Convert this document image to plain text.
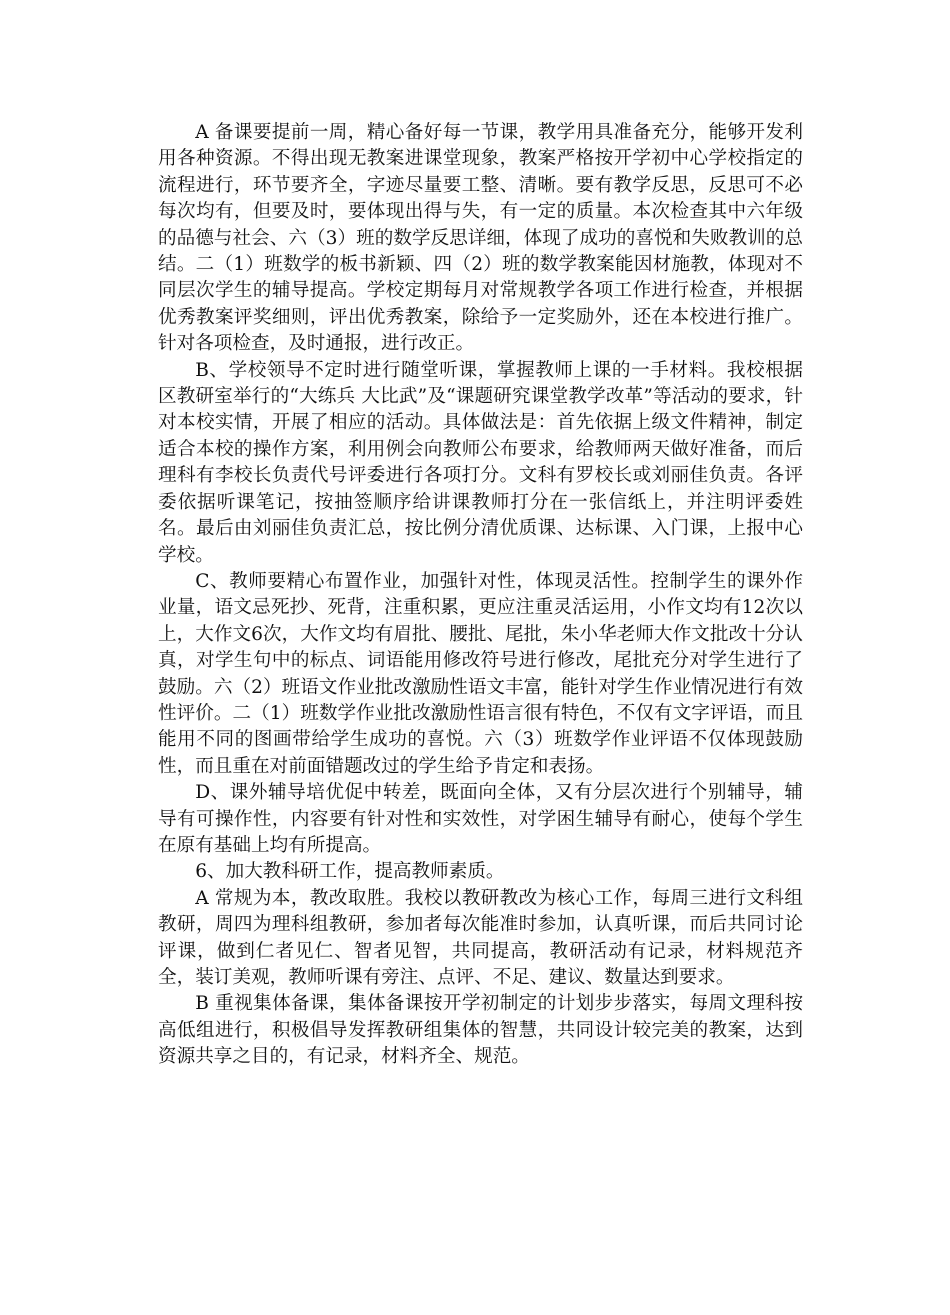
A 备课要提前一周，精心备好每一节课，教学用具准备充分，能够开发利用各种资源。不得出现无教案进课堂现象，教案严格按开学初中心学校指定的流程进行，环节要齐全，字迹尽量要工整、清晰。要有教学反思，反思可不必每次均有，但要及时，要体现出得与失，有一定的质量。本次检查其中六年级的品德与社会、六（3）班的数学反思详细，体现了成功的喜悦和失败教训的总结。二（1）班数学的板书新颖、四（2）班的数学教案能因材施教，体现对不同层次学生的辅导提高。学校定期每月对常规教学各项工作进行检查，并根据优秀教案评奖细则，评出优秀教案，除给予一定奖励外，还在本校进行推广。针对各项检查，及时通报，进行改正。

B、学校领导不定时进行随堂听课，掌握教师上课的一手材料。我校根据区教研室举行的“大练兵 大比武”及“课题研究课堂教学改革”等活动的要求，针对本校实情，开展了相应的活动。具体做法是：首先依据上级文件精神，制定适合本校的操作方案，利用例会向教师公布要求，给教师两天做好准备，而后理科有李校长负责代号评委进行各项打分。文科有罗校长或刘丽佳负责。各评委依据听课笔记，按抽签顺序给讲课教师打分在一张信纸上，并注明评委姓名。最后由刘丽佳负责汇总，按比例分清优质课、达标课、入门课，上报中心学校。

C、教师要精心布置作业，加强针对性，体现灵活性。控制学生的课外作业量，语文忌死抄、死背，注重积累，更应注重灵活运用，小作文均有12次以上，大作文6次，大作文均有眉批、腰批、尾批，朱小华老师大作文批改十分认真，对学生句中的标点、词语能用修改符号进行修改，尾批充分对学生进行了鼓励。六（2）班语文作业批改激励性语文丰富，能针对学生作业情况进行有效性评价。二（1）班数学作业批改激励性语言很有特色，不仅有文字评语，而且能用不同的图画带给学生成功的喜悦。六（3）班数学作业评语不仅体现鼓励性，而且重在对前面错题改过的学生给予肯定和表扬。

D、课外辅导培优促中转差，既面向全体，又有分层次进行个别辅导，辅导有可操作性，内容要有针对性和实效性，对学困生辅导有耐心，使每个学生在原有基础上均有所提高。

6、加大教科研工作，提高教师素质。

A 常规为本，教改取胜。我校以教研教改为核心工作，每周三进行文科组教研，周四为理科组教研，参加者每次能准时参加，认真听课，而后共同讨论评课，做到仁者见仁、智者见智，共同提高，教研活动有记录，材料规范齐全，装订美观，教师听课有旁注、点评、不足、建议、数量达到要求。

B 重视集体备课，集体备课按开学初制定的计划步步落实，每周文理科按高低组进行，积极倡导发挥教研组集体的智慧，共同设计较完美的教案，达到资源共享之目的，有记录，材料齐全、规范。
